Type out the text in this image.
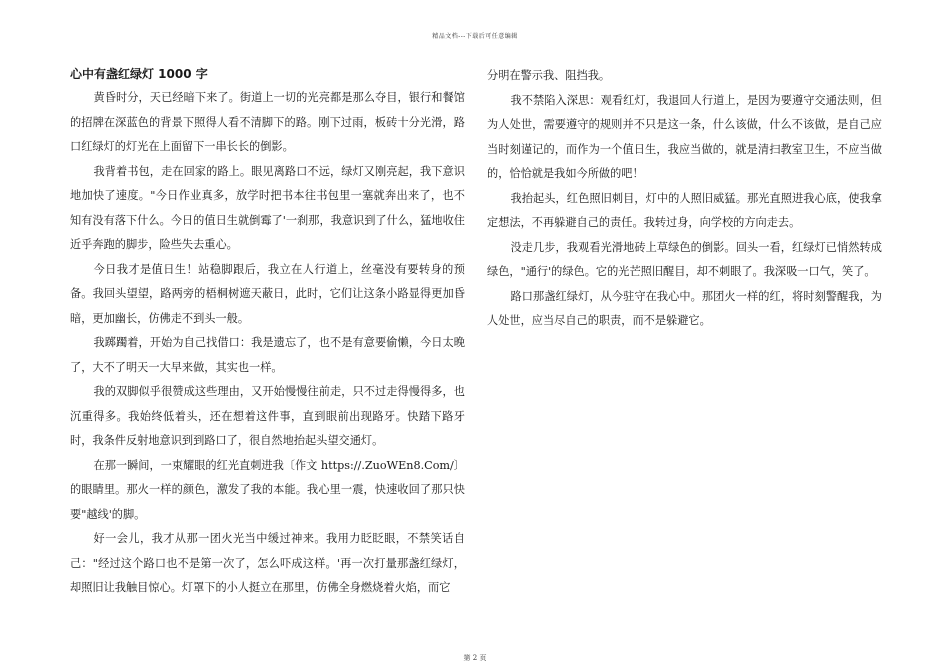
精品文档---下载后可任意编辑
心中有盏红绿灯 1000 字

黄昏时分，天已经暗下来了。街道上一切的光亮都是那么夺目，银行和餐馆的招牌在深蓝色的背景下照得人看不清脚下的路。刚下过雨，板砖十分光滑，路口红绿灯的灯光在上面留下一串长长的倒影。

我背着书包，走在回家的路上。眼见离路口不远，绿灯又刚亮起，我下意识地加快了速度。"今日作业真多，放学时把书本往书包里一塞就奔出来了，也不知有没有落下什么。今日的值日生就倒霉了'一刹那，我意识到了什么，猛地收住近乎奔跑的脚步，险些失去重心。

今日我才是值日生！站稳脚跟后，我立在人行道上，丝毫没有要转身的预备。我回头望望，路两旁的梧桐树遮天蔽日，此时，它们让这条小路显得更加昏暗，更加幽长，仿佛走不到头一般。

我踯躅着，开始为自己找借口：我是遗忘了，也不是有意要偷懒，今日太晚了，大不了明天一大早来做，其实也一样。

我的双脚似乎很赞成这些理由，又开始慢慢往前走，只不过走得慢得多，也沉重得多。我始终低着头，还在想着这件事，直到眼前出现路牙。快踏下路牙时，我条件反射地意识到到路口了，很自然地抬起头望交通灯。

在那一瞬间，一束耀眼的红光直刺进我〔作文 https://.ZuoWEn8.Com/〕的眼睛里。那火一样的颜色，激发了我的本能。我心里一震，快速收回了那只快要"越线'的脚。

好一会儿，我才从那一团火光当中缓过神来。我用力眨眨眼，不禁笑话自己："经过这个路口也不是第一次了，怎么吓成这样。'再一次打量那盏红绿灯，却照旧让我触目惊心。灯罩下的小人挺立在那里，仿佛全身燃烧着火焰，而它

分明在警示我、阻挡我。

我不禁陷入深思：观看红灯，我退回人行道上，是因为要遵守交通法则，但为人处世，需要遵守的规则并不只是这一条，什么该做，什么不该做，是自己应当时刻谨记的，而作为一个值日生，我应当做的，就是清扫教室卫生，不应当做的，恰恰就是我如今所做的吧！

我抬起头，红色照旧刺目，灯中的人照旧威猛。那光直照进我心底，使我拿定想法，不再躲避自己的责任。我转过身，向学校的方向走去。

没走几步，我观看光滑地砖上草绿色的倒影。回头一看，红绿灯已悄然转成绿色，"通行'的绿色。它的光芒照旧醒目，却不刺眼了。我深吸一口气，笑了。

路口那盏红绿灯，从今驻守在我心中。那团火一样的红，将时刻警醒我，为人处世，应当尽自己的职责，而不是躲避它。

第 2 页
